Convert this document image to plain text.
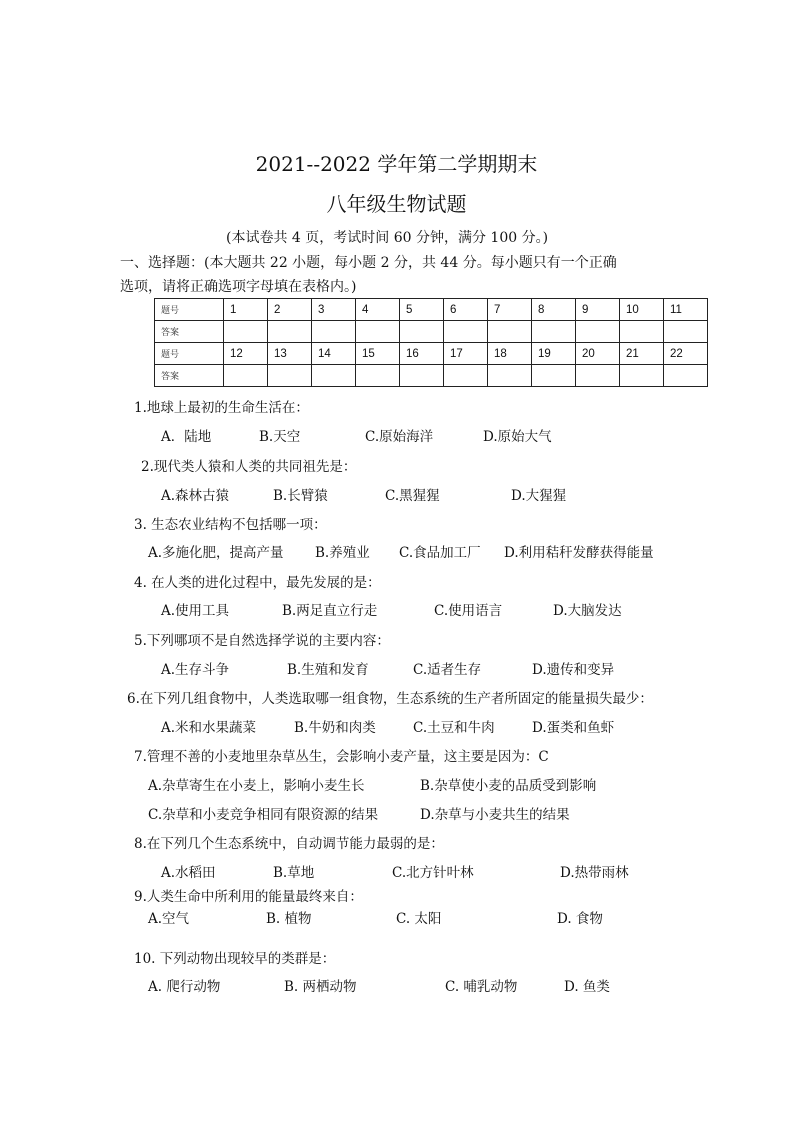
2021--2022 学年第二学期期末
八年级生物试题
(本试卷共 4 页，考试时间 60 分钟，满分 100 分。)
一、选择题：(本大题共 22 小题，每小题 2 分，共 44 分。每小题只有一个正确
选项，请将正确选项字母填在表格内。)
题号	1	2	3	4	5	6	7	8	9	10	11
答案											
题号	12	13	14	15	16	17	18	19	20	21	22
答案											
1.地球上最初的生命生活在：
A．陆地	B.天空	C.原始海洋	D.原始大气
2.现代类人猿和人类的共同祖先是：
A.森林古猿	B.长臂猿	C.黑猩猩	D.大猩猩
3. 生态农业结构不包括哪一项：
A.多施化肥，提高产量 B.养殖业 C.食品加工厂 D.利用秸秆发酵获得能量
4. 在人类的进化过程中，最先发展的是：
A.使用工具	B.两足直立行走	C.使用语言	D.大脑发达
5.下列哪项不是自然选择学说的主要内容：
A.生存斗争	B.生殖和发育	C.适者生存	D.遗传和变异
6.在下列几组食物中，人类选取哪一组食物，生态系统的生产者所固定的能量损失最少：
A.米和水果蔬菜	B.牛奶和肉类	C.土豆和牛肉	D.蛋类和鱼虾
7.管理不善的小麦地里杂草丛生，会影响小麦产量，这主要是因为：C
A.杂草寄生在小麦上，影响小麦生长	B.杂草使小麦的品质受到影响
C.杂草和小麦竞争相同有限资源的结果	D.杂草与小麦共生的结果
8.在下列几个生态系统中，自动调节能力最弱的是：
A.水稻田	B.草地	C.北方针叶林	D.热带雨林
9.人类生命中所利用的能量最终来自：
A.空气	B. 植物	C. 太阳	D. 食物
10. 下列动物出现较早的类群是：
A. 爬行动物	B. 两栖动物	C. 哺乳动物	D. 鱼类
